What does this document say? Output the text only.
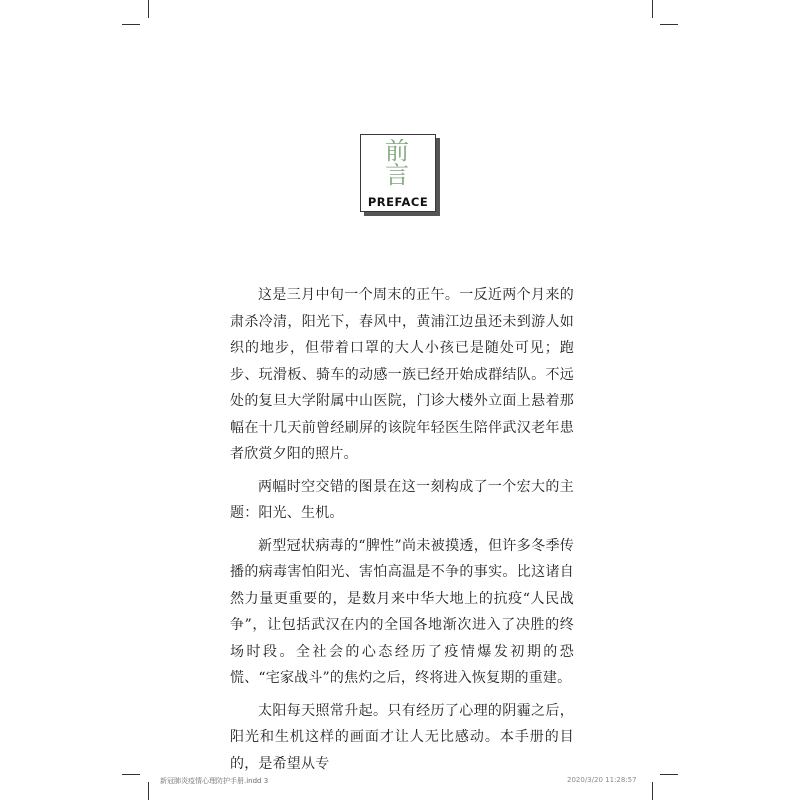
前
言
PREFACE

这是三月中旬一个周末的正午。一反近两个月来的肃杀冷清，阳光下，春风中，黄浦江边虽还未到游人如织的地步，但带着口罩的大人小孩已是随处可见；跑步、玩滑板、骑车的动感一族已经开始成群结队。不远处的复旦大学附属中山医院，门诊大楼外立面上悬着那幅在十几天前曾经刷屏的该院年轻医生陪伴武汉老年患者欣赏夕阳的照片。

两幅时空交错的图景在这一刻构成了一个宏大的主题：阳光、生机。

新型冠状病毒的“脾性”尚未被摸透，但许多冬季传播的病毒害怕阳光、害怕高温是不争的事实。比这诸自然力量更重要的，是数月来中华大地上的抗疫“人民战争”，让包括武汉在内的全国各地渐次进入了决胜的终场时段。全社会的心态经历了疫情爆发初期的恐慌、“宅家战斗”的焦灼之后，终将进入恢复期的重建。

太阳每天照常升起。只有经历了心理的阴霾之后，阳光和生机这样的画面才让人无比感动。本手册的目的，是希望从专

新冠肺炎疫情心理防护手册.indd 3	2020/3/20 11:28:57
